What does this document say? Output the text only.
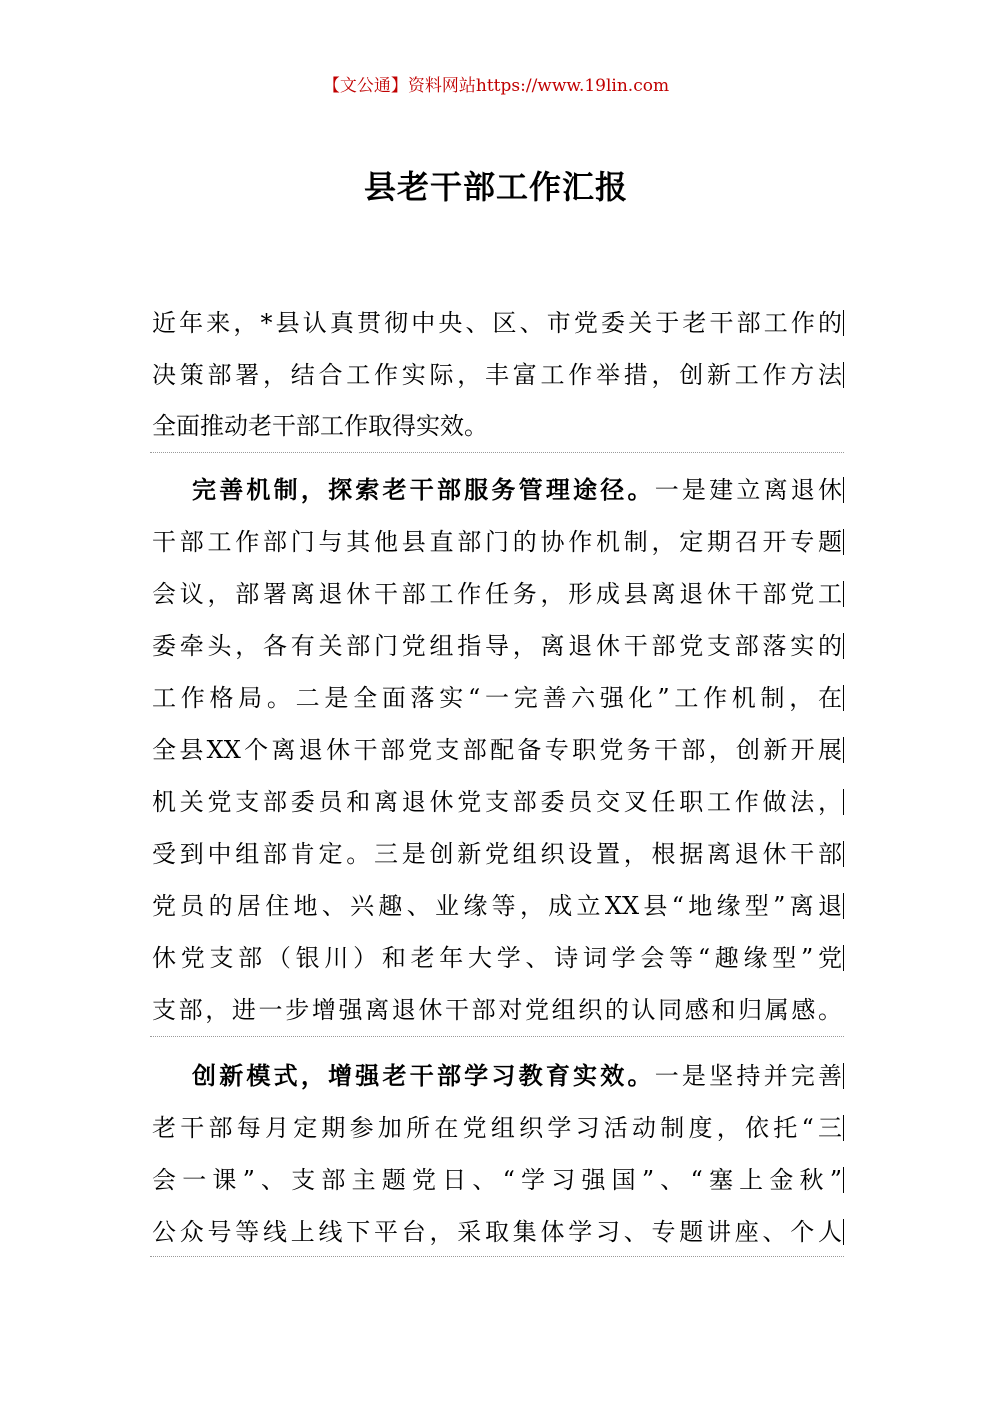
【文公通】资料网站https://www.19lin.com
县老干部工作汇报
近年来，*县认真贯彻中央、区、市党委关于老干部工作的
决策部署，结合工作实际，丰富工作举措，创新工作方法
全面推动老干部工作取得实效。
完善机制，探索老干部服务管理途径。一是建立离退休
干部工作部门与其他县直部门的协作机制，定期召开专题
会议，部署离退休干部工作任务，形成县离退休干部党工
委牵头，各有关部门党组指导，离退休干部党支部落实的
工作格局。二是全面落实“一完善六强化”工作机制，在
全县XX个离退休干部党支部配备专职党务干部，创新开展
机关党支部委员和离退休党支部委员交叉任职工作做法，
受到中组部肯定。三是创新党组织设置，根据离退休干部
党员的居住地、兴趣、业缘等，成立XX县“地缘型”离退
休党支部（银川）和老年大学、诗词学会等“趣缘型”党
支部，进一步增强离退休干部对党组织的认同感和归属感。
创新模式，增强老干部学习教育实效。一是坚持并完善
老干部每月定期参加所在党组织学习活动制度，依托“三
会一课”、支部主题党日、“学习强国”、“塞上金秋”
公众号等线上线下平台，采取集体学习、专题讲座、个人
